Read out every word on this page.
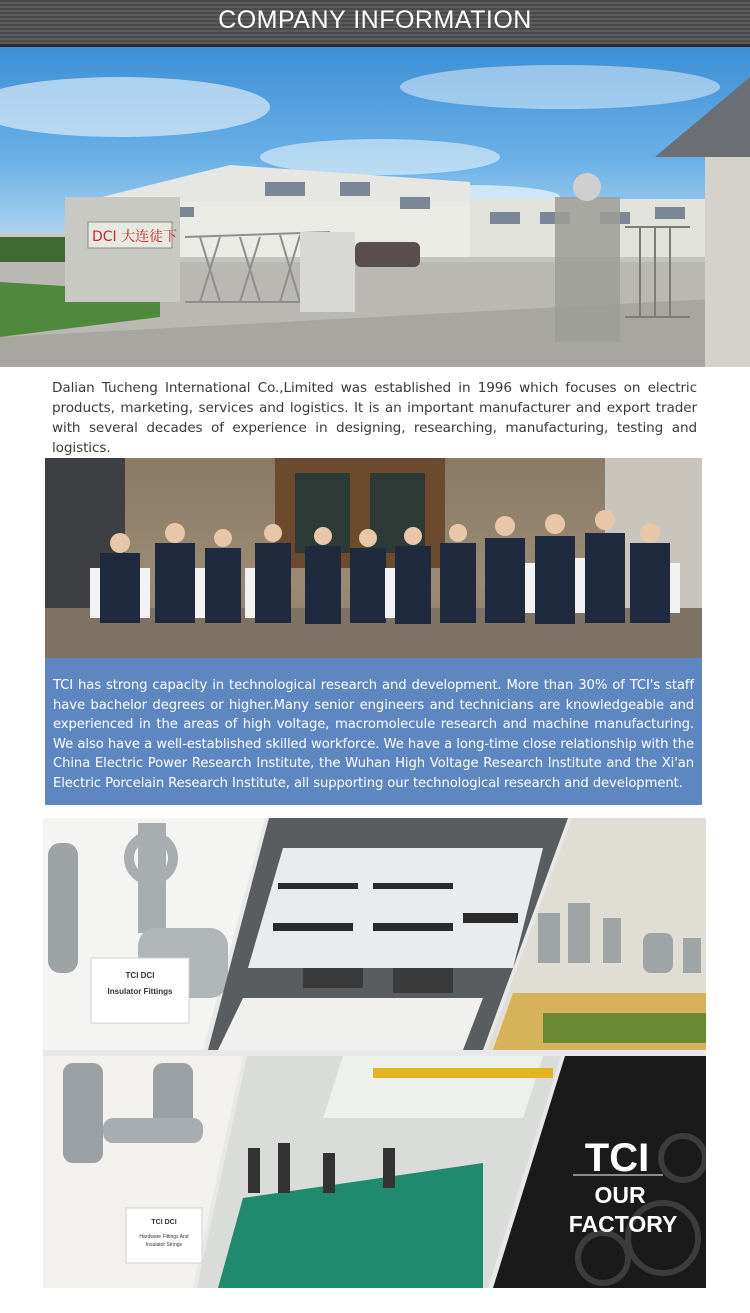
COMPANY INFORMATION
DCI 大连徒下
Dalian Tucheng International Co.,Limited was established in 1996 which focuses on electric products, marketing, services and logistics. It is an important manufacturer and export trader with several decades of experience in designing, researching, manufacturing, testing and logistics.
TCI has strong capacity in technological research and development. More than 30% of TCI's staff have bachelor degrees or higher.Many senior engineers and technicians are knowledgeable and experienced in the areas of high voltage, macromolecule research and machine manufacturing. We also have a well-established skilled workforce. We have a long-time close relationship with the China Electric Power Research Institute, the Wuhan High Voltage Research Institute and the Xi'an Electric Porcelain Research Institute, all supporting our technological research and development.
TCI DCI
Insulator Fittings
TCI DCI
Hardware Fittings And
Insulator Strings
TCI
OUR
FACTORY
